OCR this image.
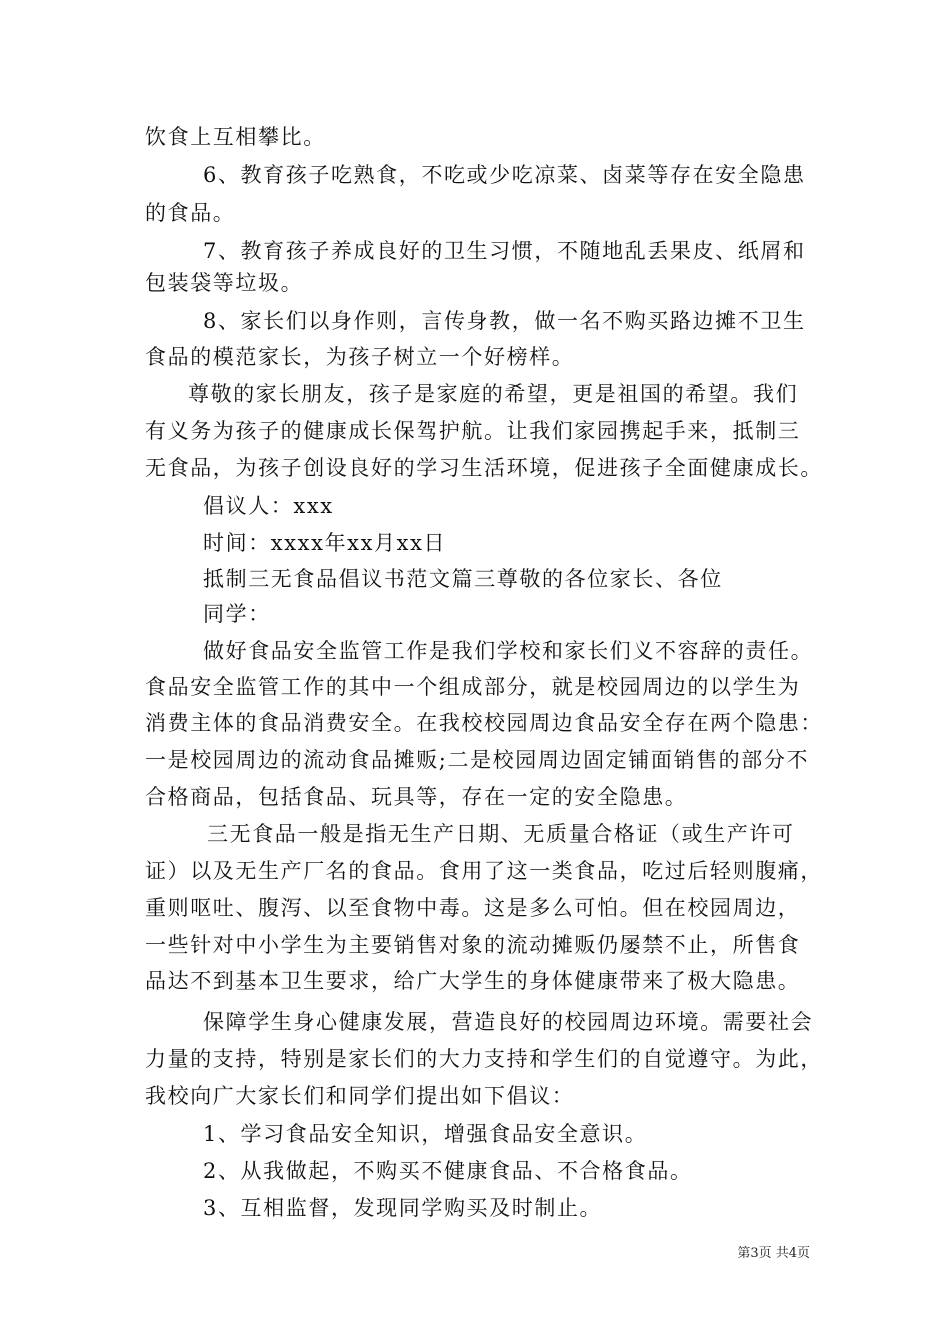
饮食上互相攀比。
6、教育孩子吃熟食，不吃或少吃凉菜、卤菜等存在安全隐患
的食品。
7、教育孩子养成良好的卫生习惯，不随地乱丢果皮、纸屑和
包装袋等垃圾。
8、家长们以身作则，言传身教，做一名不购买路边摊不卫生
食品的模范家长，为孩子树立一个好榜样。
尊敬的家长朋友，孩子是家庭的希望，更是祖国的希望。我们
有义务为孩子的健康成长保驾护航。让我们家园携起手来，抵制三
无食品，为孩子创设良好的学习生活环境，促进孩子全面健康成长。
倡议人：xxx
时间：xxxx年xx月xx日
抵制三无食品倡议书范文篇三尊敬的各位家长、各位
同学：
做好食品安全监管工作是我们学校和家长们义不容辞的责任。
食品安全监管工作的其中一个组成部分，就是校园周边的以学生为
消费主体的食品消费安全。在我校校园周边食品安全存在两个隐患：
一是校园周边的流动食品摊贩;二是校园周边固定铺面销售的部分不
合格商品，包括食品、玩具等，存在一定的安全隐患。
三无食品一般是指无生产日期、无质量合格证（或生产许可
证）以及无生产厂名的食品。食用了这一类食品，吃过后轻则腹痛，
重则呕吐、腹泻、以至食物中毒。这是多么可怕。但在校园周边，
一些针对中小学生为主要销售对象的流动摊贩仍屡禁不止，所售食
品达不到基本卫生要求，给广大学生的身体健康带来了极大隐患。
保障学生身心健康发展，营造良好的校园周边环境。需要社会
力量的支持，特别是家长们的大力支持和学生们的自觉遵守。为此，
我校向广大家长们和同学们提出如下倡议：
1、学习食品安全知识，增强食品安全意识。
2、从我做起，不购买不健康食品、不合格食品。
3、互相监督，发现同学购买及时制止。
第3页 共4页
